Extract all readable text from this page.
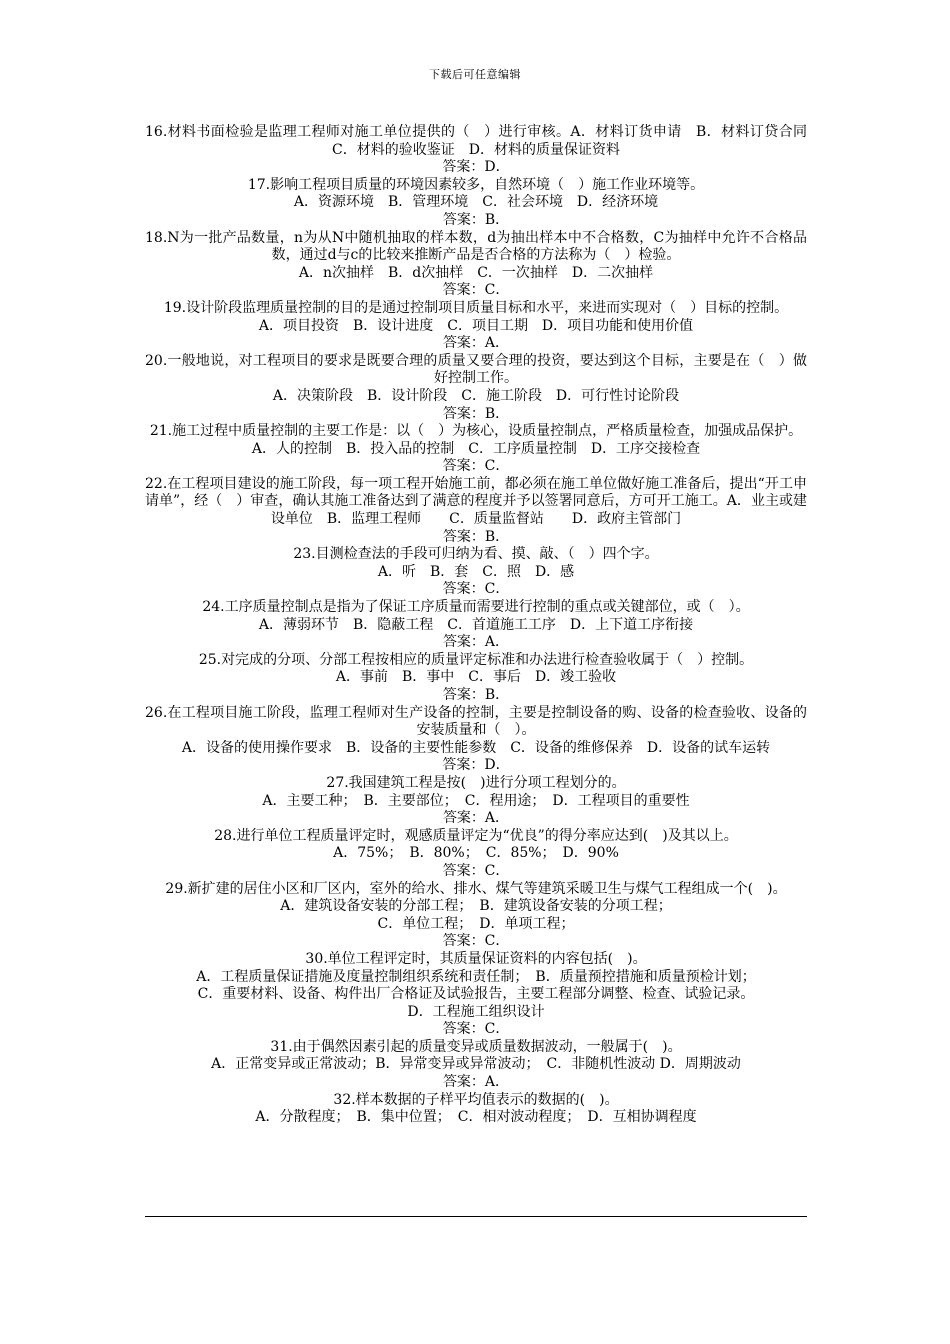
下载后可任意编辑

16.材料书面检验是监理工程师对施工单位提供的（　）进行审核。A．材料订货申请　B．材料订贷合同　C．材料的验收鉴证　D．材料的质量保证资料

答案：D．

17.影响工程项目质量的环境因素较多，自然环境（　）施工作业环境等。

A．资源环境　B．管理环境　C．社会环境　D．经济环境

答案：B．

18.N为一批产品数量，n为从N中随机抽取的样本数，d为抽出样本中不合格数，C为抽样中允许不合格品数，通过d与c的比较来推断产品是否合格的方法称为（　）检验。

A．n次抽样　B．d次抽样　C．一次抽样　D．二次抽样

答案：C．

19.设计阶段监理质量控制的目的是通过控制项目质量目标和水平，来进而实现对（　）目标的控制。

A．项目投资　B．设计进度　C．项目工期　D．项目功能和使用价值

答案：A．

20.一般地说，对工程项目的要求是既要合理的质量又要合理的投资，要达到这个目标，主要是在（　）做好控制工作。

A．决策阶段　B．设计阶段　C．施工阶段　D．可行性讨论阶段

答案：B．

21.施工过程中质量控制的主要工作是：以（　）为核心，设质量控制点，严格质量检查，加强成品保护。

A．人的控制　B．投入品的控制　C．工序质量控制　D．工序交接检查

答案：C．

22.在工程项目建设的施工阶段，每一项工程开始施工前，都必须在施工单位做好施工准备后，提出“开工申请单”，经（　）审查，确认其施工准备达到了满意的程度并予以签署同意后，方可开工施工。A．业主或建设单位　B．监理工程师　　C．质量监督站　　D．政府主管部门

答案：B．

23.目测检查法的手段可归纳为看、摸、敲、（　）四个字。

A．听　B．套　C．照　D．感

答案：C．

24.工序质量控制点是指为了保证工序质量而需要进行控制的重点或关键部位，或（　）。

A．薄弱环节　B．隐蔽工程　C．首道施工工序　D．上下道工序衔接

答案：A．

25.对完成的分项、分部工程按相应的质量评定标准和办法进行检查验收属于（　）控制。

A．事前　B．事中　C．事后　D．竣工验收

答案：B．

26.在工程项目施工阶段，监理工程师对生产设备的控制，主要是控制设备的购、设备的检查验收、设备的安装质量和（　）。

A．设备的使用操作要求　B．设备的主要性能参数　C．设备的维修保养　D．设备的试车运转

答案：D．

27.我国建筑工程是按(　)进行分项工程划分的。

A．主要工种；　B．主要部位；　C．程用途；　D．工程项目的重要性

答案：A．

28.进行单位工程质量评定时，观感质量评定为“优良”的得分率应达到(　)及其以上。

A．75%；　B．80%；　C．85%；　D．90%

答案：C．

29.新扩建的居住小区和厂区内，室外的给水、排水、煤气等建筑采暖卫生与煤气工程组成一个(　)。

A．建筑设备安装的分部工程；　B．建筑设备安装的分项工程；

C．单位工程；　D．单项工程；

答案：C．

30.单位工程评定时，其质量保证资料的内容包括(　)。

A．工程质量保证措施及度量控制组织系统和责任制；　B．质量预控措施和质量预检计划；

C．重要材料、设备、构件出厂合格证及试验报告，主要工程部分调整、检查、试验记录。

D．工程施工组织设计

答案：C．

31.由于偶然因素引起的质量变异或质量数据波动，一般属于(　)。

A．正常变异或正常波动；B．异常变异或异常波动；　C．非随机性波动 D．周期波动

答案：A．

32.样本数据的子样平均值表示的数据的(　)。

A．分散程度；　B．集中位置；　C．相对波动程度；　D．互相协调程度
